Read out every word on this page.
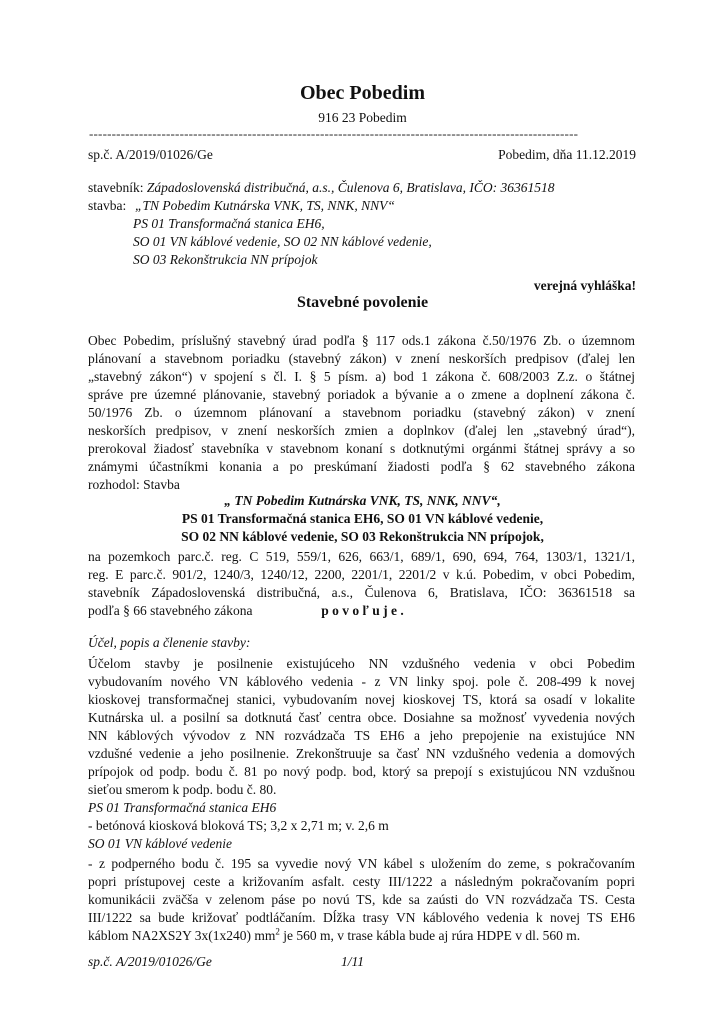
Obec Pobedim
916 23 Pobedim
------------------------------------------------------------------------------------------------------------
sp.č. A/2019/01026/Ge	Pobedim, dňa 11.12.2019
stavebník: Západoslovenská distribučná, a.s., Čulenova 6, Bratislava, IČO: 36361518
stavba: „TN Pobedim Kutnárska VNK, TS, NNK, NNV“
PS 01 Transformačná stanica EH6,
SO 01 VN káblové vedenie, SO 02 NN káblové vedenie,
SO 03 Rekonštrukcia NN prípojok
verejná vyhláška!
Stavebné povolenie
Obec Pobedim, príslušný stavebný úrad podľa § 117 ods.1 zákona č.50/1976 Zb. o územnom
plánovaní a stavebnom poriadku (stavebný zákon) v znení neskorších predpisov (ďalej len
„stavebný zákon“) v spojení s čl. I. § 5 písm. a) bod 1 zákona č. 608/2003 Z.z. o štátnej
správe pre územné plánovanie, stavebný poriadok a bývanie a o zmene a doplnení zákona č.
50/1976 Zb. o územnom plánovaní a stavebnom poriadku (stavebný zákon) v znení
neskorších predpisov, v znení neskorších zmien a doplnkov (ďalej len „stavebný úrad“),
prerokoval žiadosť stavebníka v stavebnom konaní s dotknutými orgánmi štátnej správy a so
známymi účastníkmi konania a po preskúmaní žiadosti podľa § 62 stavebného zákona
rozhodol: Stavba
„ TN Pobedim Kutnárska VNK, TS, NNK, NNV“,
PS 01 Transformačná stanica EH6, SO 01 VN káblové vedenie,
SO 02 NN káblové vedenie, SO 03 Rekonštrukcia NN prípojok,
na pozemkoch parc.č. reg. C 519, 559/1, 626, 663/1, 689/1, 690, 694, 764, 1303/1, 1321/1,
reg. E parc.č. 901/2, 1240/3, 1240/12, 2200, 2201/1, 2201/2 v k.ú. Pobedim, v obci Pobedim,
stavebník Západoslovenská distribučná, a.s., Čulenova 6, Bratislava, IČO: 36361518 sa
podľa § 66 stavebného zákona	p o v o ľ u j e .
Účel, popis a členenie stavby:
Účelom stavby je posilnenie existujúceho NN vzdušného vedenia v obci Pobedim
vybudovaním nového VN káblového vedenia - z VN linky spoj. pole č. 208-499 k novej
kioskovej transformačnej stanici, vybudovaním novej kioskovej TS, ktorá sa osadí v lokalite
Kutnárska ul. a posilní sa dotknutá časť centra obce. Dosiahne sa možnosť vyvedenia nových
NN káblových vývodov z NN rozvádzača TS EH6 a jeho prepojenie na existujúce NN
vzdušné vedenie a jeho posilnenie. Zrekonštruuje sa časť NN vzdušného vedenia a domových
prípojok od podp. bodu č. 81 po nový podp. bod, ktorý sa prepojí s existujúcou NN vzdušnou
sieťou smerom k podp. bodu č. 80.
PS 01 Transformačná stanica EH6
- betónová kiosková bloková TS; 3,2 x 2,71 m; v. 2,6 m
SO 01 VN káblové vedenie
- z podperného bodu č. 195 sa vyvedie nový VN kábel s uložením do zeme, s pokračovaním
popri prístupovej ceste a križovaním asfalt. cesty III/1222 a následným pokračovaním popri
komunikácii zväčša v zelenom páse po novú TS, kde sa zaústi do VN rozvádzača TS. Cesta
III/1222 sa bude križovať podtláčaním. Dĺžka trasy VN káblového vedenia k novej TS EH6
káblom NA2XS2Y 3x(1x240) $mm^2$ je 560 m, v trase kábla bude aj rúra HDPE v dl. 560 m.
sp.č. A/2019/01026/Ge	1/11
